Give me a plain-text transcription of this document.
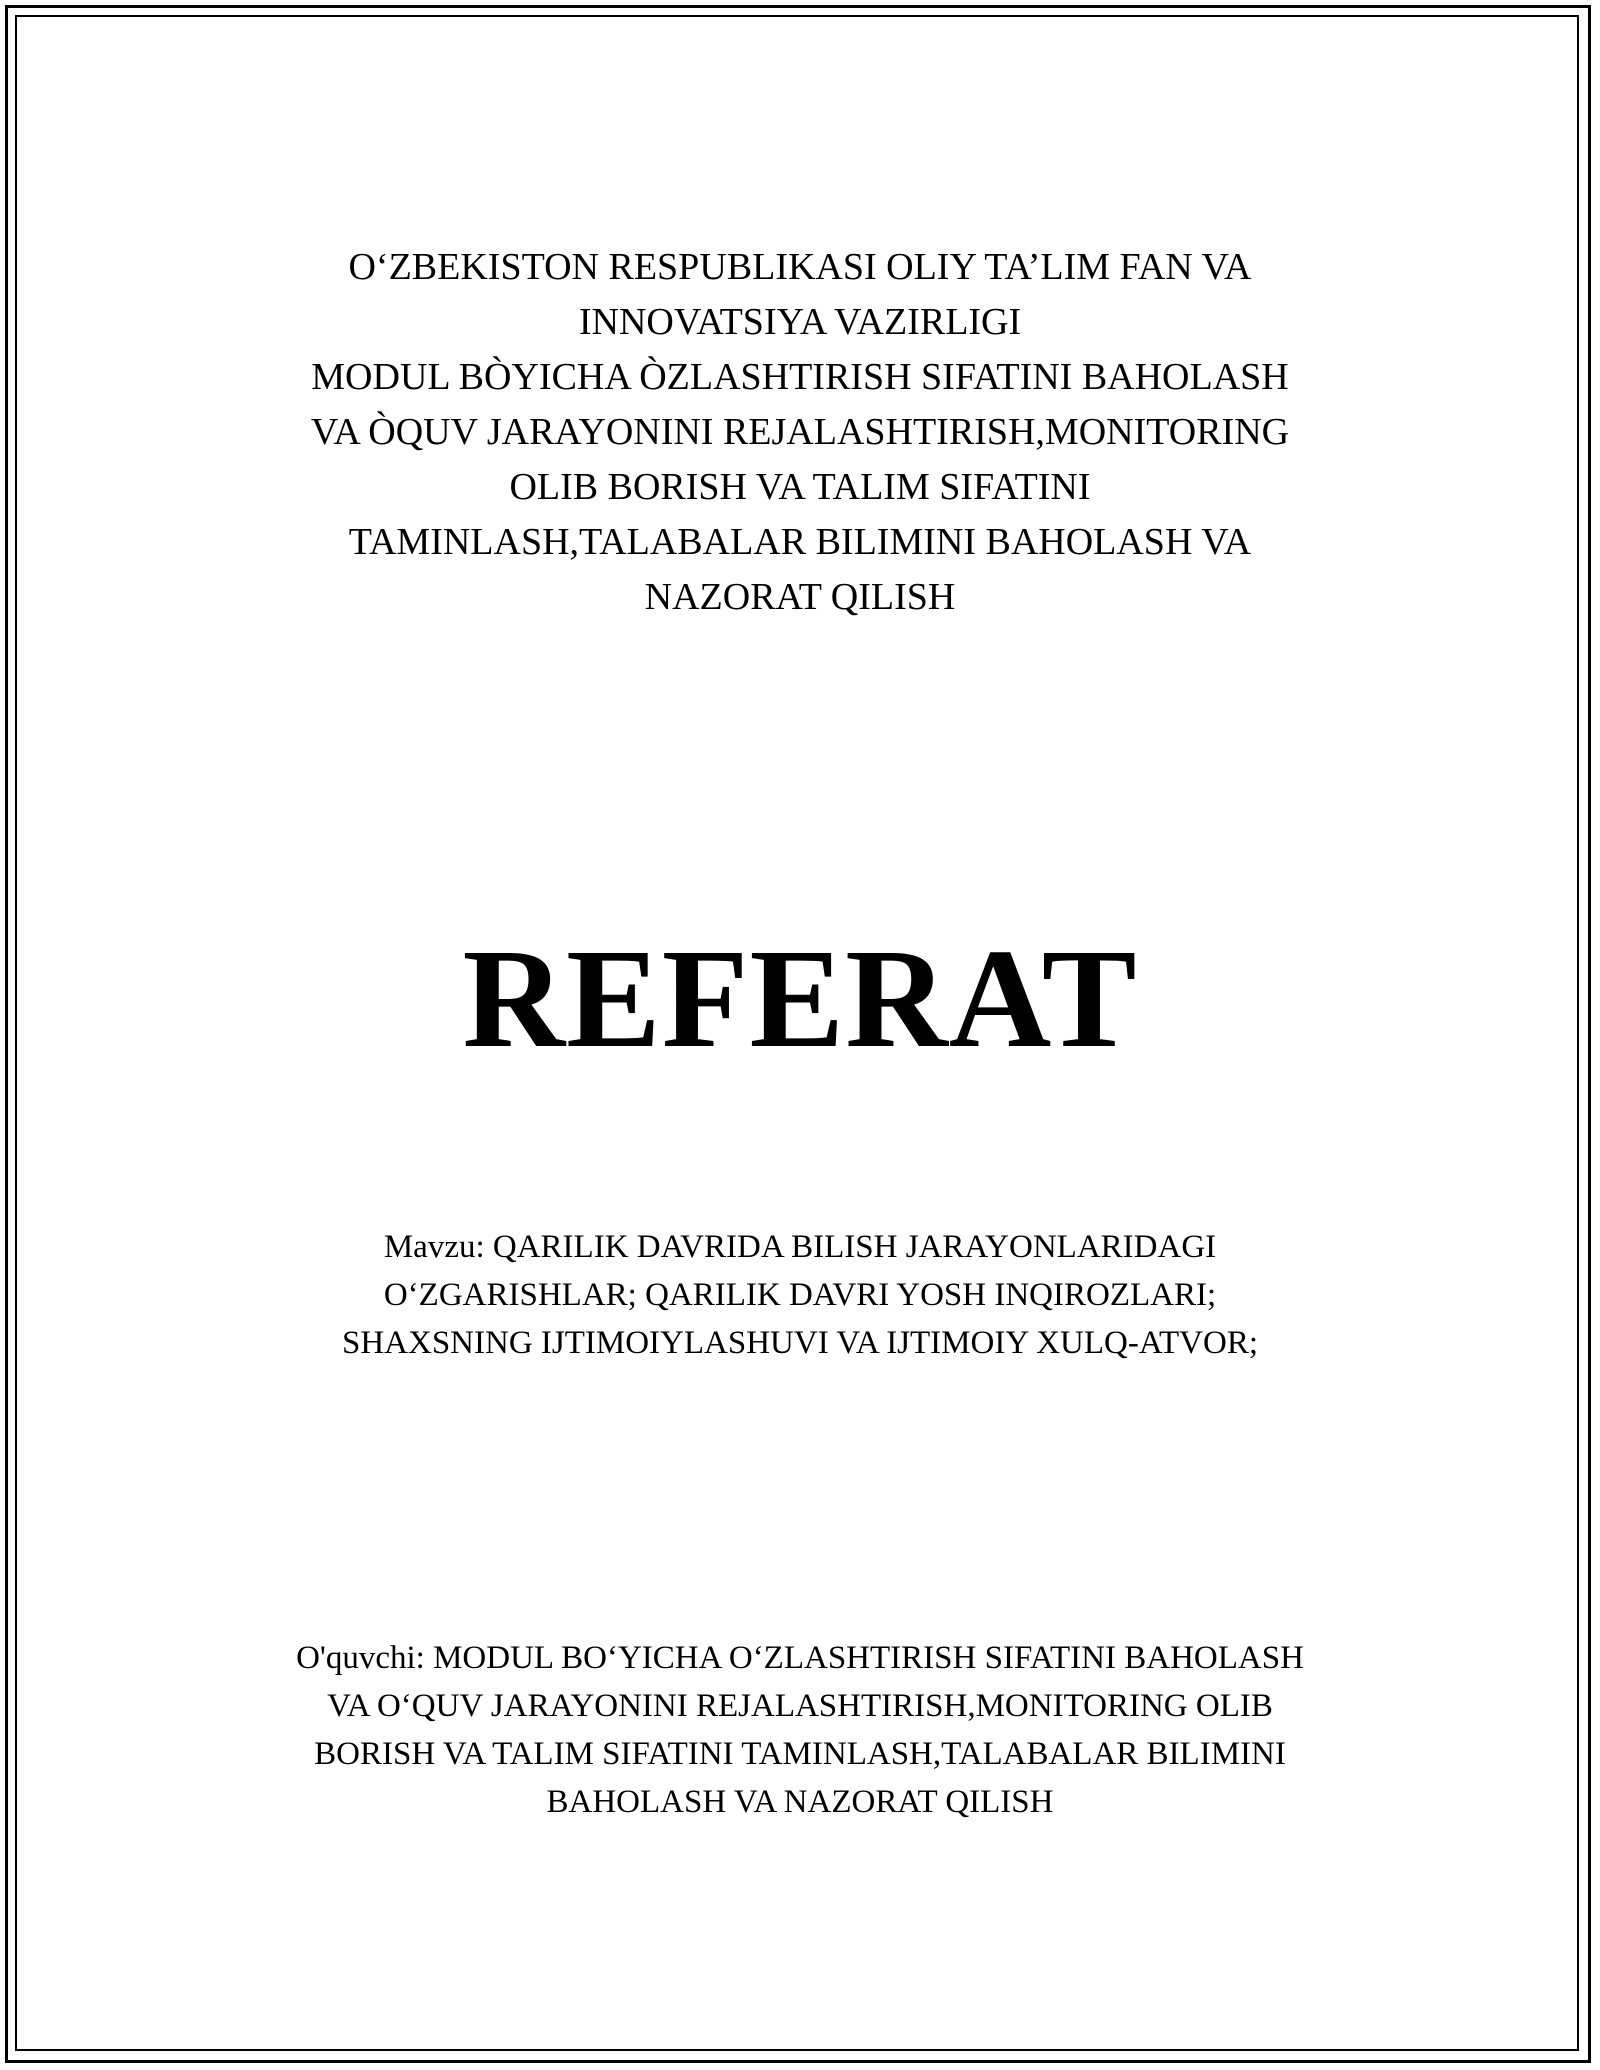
O‘ZBEKISTON RESPUBLIKASI OLIY TA’LIM FAN VA
INNOVATSIYA VAZIRLIGI
MODUL BÒYICHA ÒZLASHTIRISH SIFATINI BAHOLASH
VA ÒQUV JARAYONINI REJALASHTIRISH,MONITORING
OLIB BORISH VA TALIM SIFATINI
TAMINLASH,TALABALAR BILIMINI BAHOLASH VA
NAZORAT QILISH
REFERAT
Mavzu: QARILIK DAVRIDA BILISH JARAYONLARIDAGI
O‘ZGARISHLAR; QARILIK DAVRI YOSH INQIROZLARI;
SHAXSNING IJTIMOIYLASHUVI VA IJTIMOIY XULQ-ATVOR;
O'quvchi: MODUL BO‘YICHA O‘ZLASHTIRISH SIFATINI BAHOLASH
VA O‘QUV JARAYONINI REJALASHTIRISH,MONITORING OLIB
BORISH VA TALIM SIFATINI TAMINLASH,TALABALAR BILIMINI
BAHOLASH VA NAZORAT QILISH
